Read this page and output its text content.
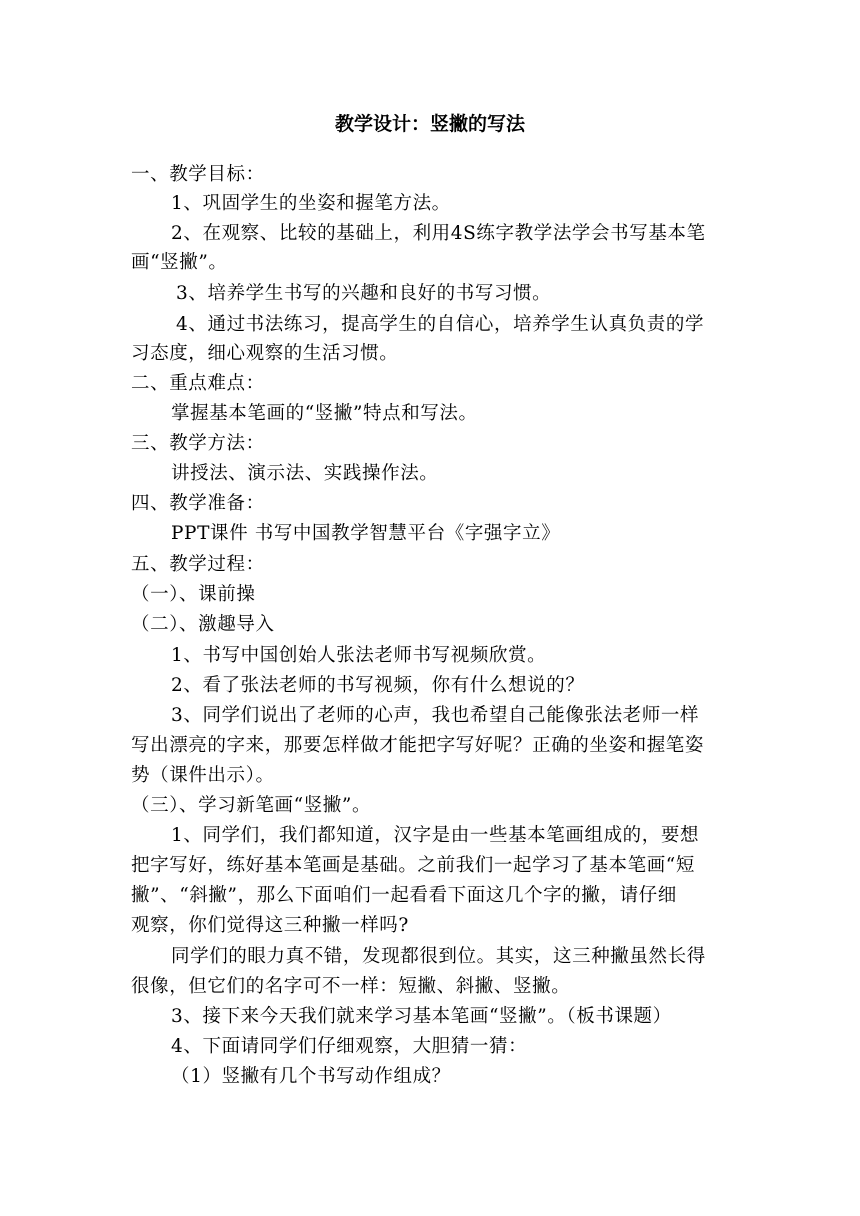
教学设计：竖撇的写法
一、教学目标：
1、巩固学生的坐姿和握笔方法。
2、在观察、比较的基础上，利用4S练字教学法学会书写基本笔
画“竖撇”。
3、培养学生书写的兴趣和良好的书写习惯。
4、通过书法练习，提高学生的自信心，培养学生认真负责的学
习态度，细心观察的生活习惯。
二、重点难点：
掌握基本笔画的“竖撇”特点和写法。
三、教学方法：
讲授法、演示法、实践操作法。
四、教学准备：
PPT课件 书写中国教学智慧平台《字强字立》
五、教学过程：
（一）、课前操
（二）、激趣导入
1、书写中国创始人张法老师书写视频欣赏。
2、看了张法老师的书写视频，你有什么想说的？
3、同学们说出了老师的心声，我也希望自己能像张法老师一样
写出漂亮的字来，那要怎样做才能把字写好呢？正确的坐姿和握笔姿
势（课件出示）。
（三）、学习新笔画“竖撇”。
1、同学们，我们都知道，汉字是由一些基本笔画组成的，要想
把字写好，练好基本笔画是基础。之前我们一起学习了基本笔画“短
撇”、“斜撇”，那么下面咱们一起看看下面这几个字的撇，请仔细
观察，你们觉得这三种撇一样吗?
同学们的眼力真不错，发现都很到位。其实，这三种撇虽然长得
很像，但它们的名字可不一样：短撇、斜撇、竖撇。
3、接下来今天我们就来学习基本笔画“竖撇”。（板书课题）
4、下面请同学们仔细观察，大胆猜一猜：
（1）竖撇有几个书写动作组成？
